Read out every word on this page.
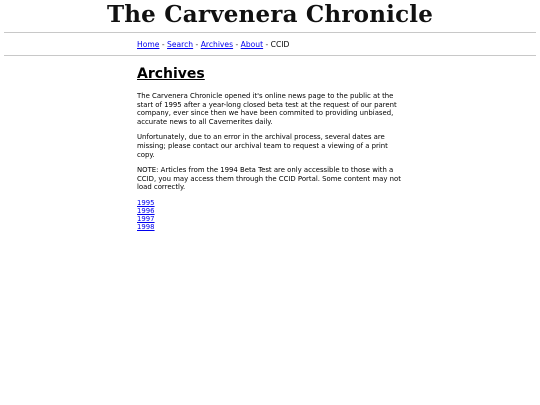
The Carvenera Chronicle
Home - Search - Archives - About - CCID
Archives

The Carvenera Chronicle opened it's online news page to the public at the start of 1995 after a year-long closed beta test at the request of our parent company, ever since then we have been commited to providing unbiased, accurate news to all Cavernerites daily.

Unfortunately, due to an error in the archival process, several dates are missing; please contact our archival team to request a viewing of a print copy.

NOTE: Articles from the 1994 Beta Test are only accessible to those with a CCID, you may access them through the CCID Portal. Some content may not load correctly.

1995
1996
1997
1998
